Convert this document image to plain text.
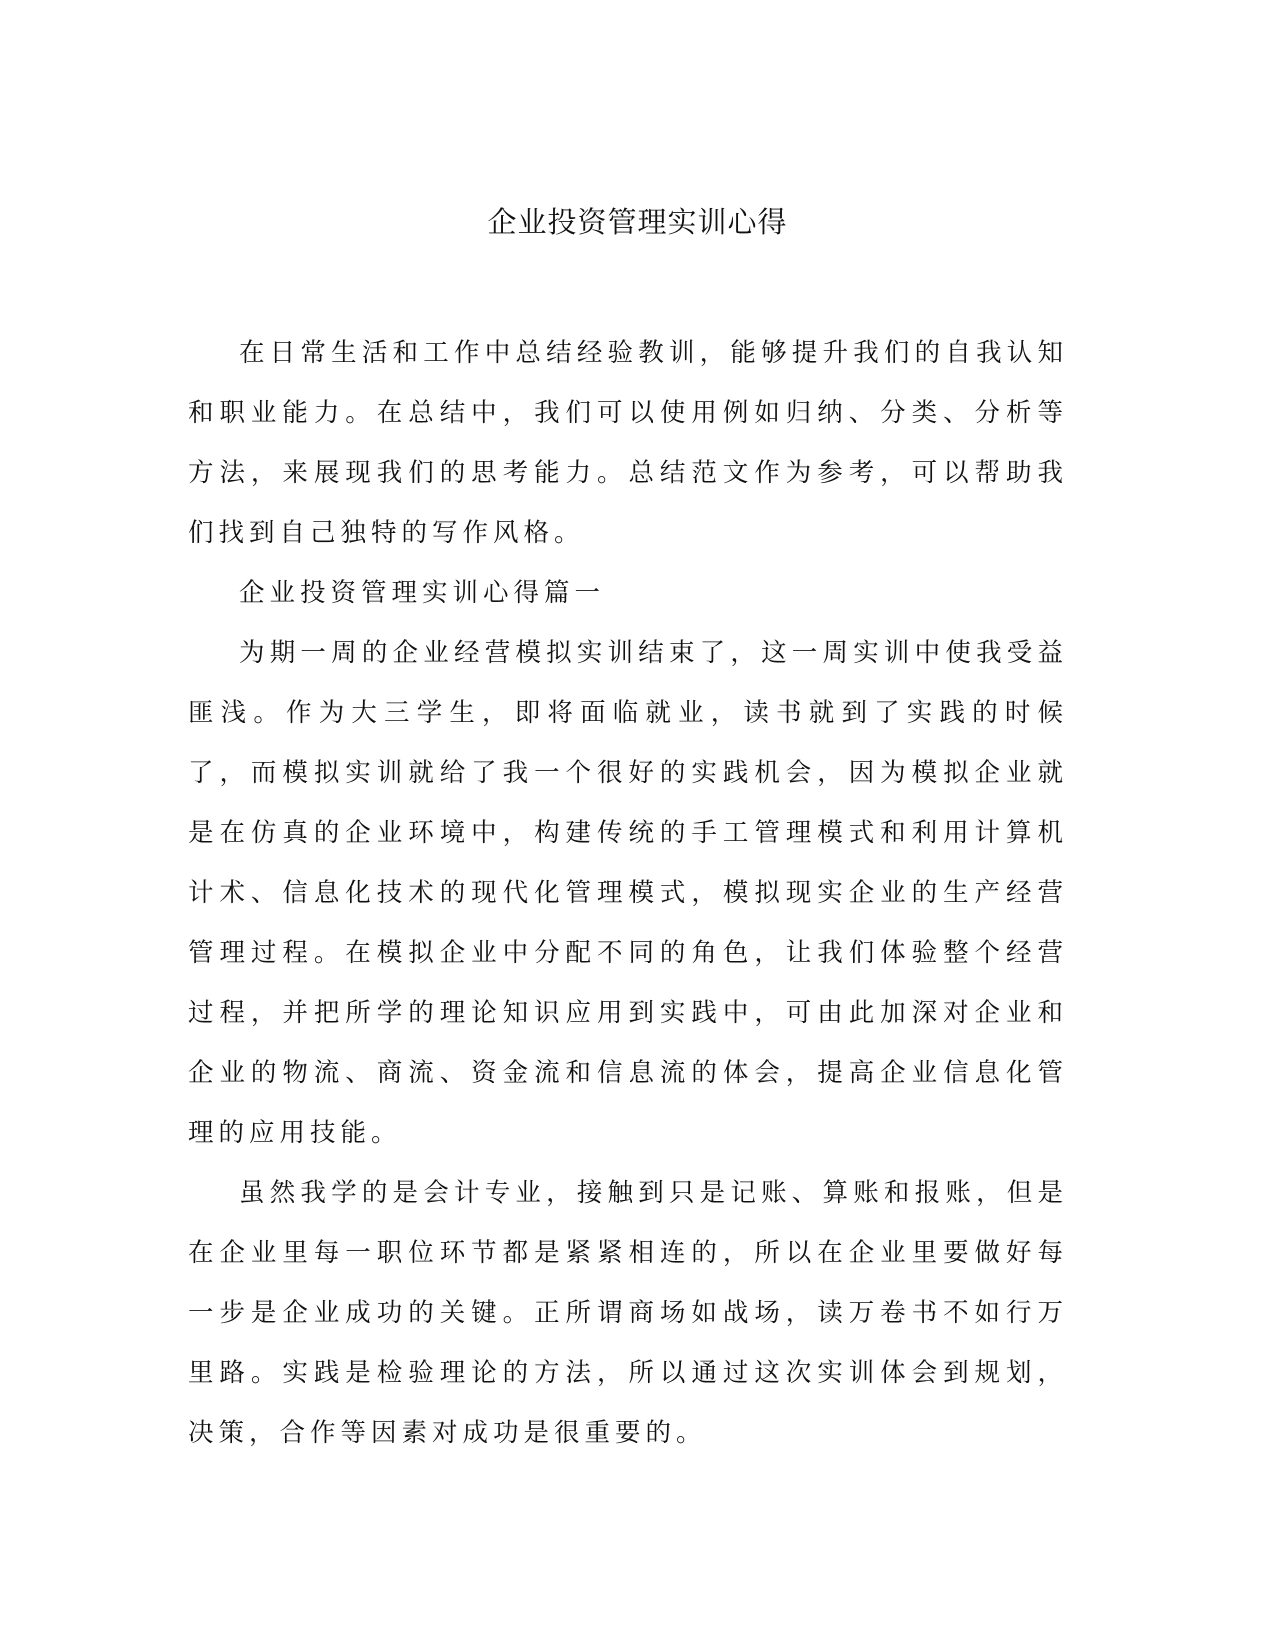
企业投资管理实训心得

在日常生活和工作中总结经验教训，能够提升我们的自我认知和职业能力。在总结中，我们可以使用例如归纳、分类、分析等方法，来展现我们的思考能力。总结范文作为参考，可以帮助我们找到自己独特的写作风格。

企业投资管理实训心得篇一

为期一周的企业经营模拟实训结束了，这一周实训中使我受益匪浅。作为大三学生，即将面临就业，读书就到了实践的时候了，而模拟实训就给了我一个很好的实践机会，因为模拟企业就是在仿真的企业环境中，构建传统的手工管理模式和利用计算机计术、信息化技术的现代化管理模式，模拟现实企业的生产经营管理过程。在模拟企业中分配不同的角色，让我们体验整个经营过程，并把所学的理论知识应用到实践中，可由此加深对企业和企业的物流、商流、资金流和信息流的体会，提高企业信息化管理的应用技能。

虽然我学的是会计专业，接触到只是记账、算账和报账，但是在企业里每一职位环节都是紧紧相连的，所以在企业里要做好每一步是企业成功的关键。正所谓商场如战场，读万卷书不如行万里路。实践是检验理论的方法，所以通过这次实训体会到规划，决策，合作等因素对成功是很重要的。
